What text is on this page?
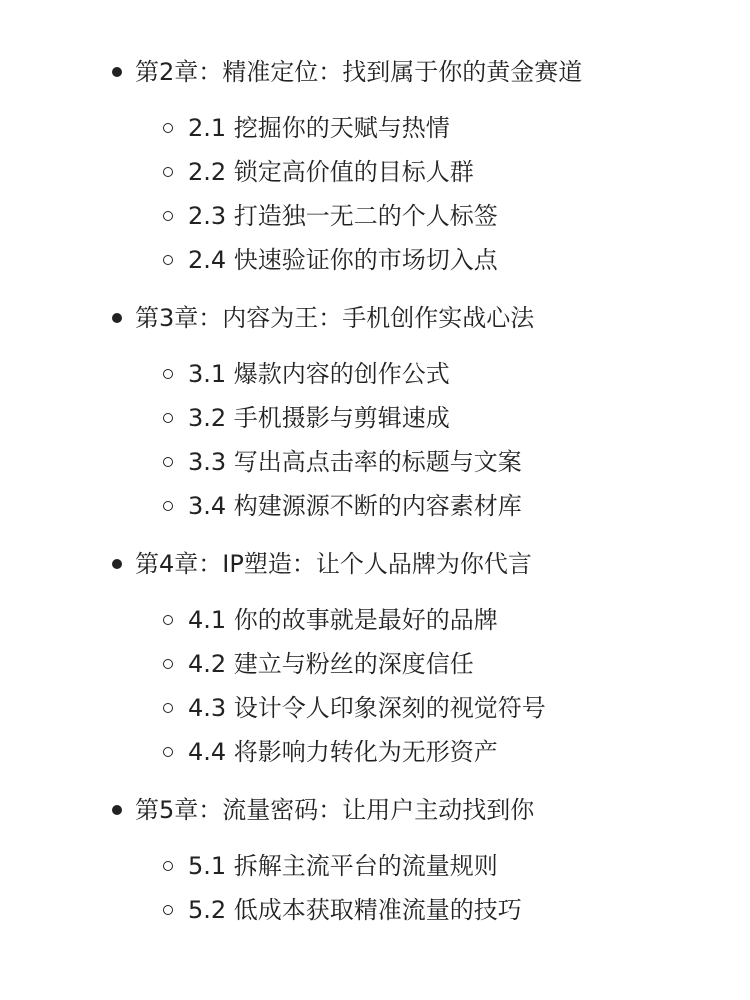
第2章：精准定位：找到属于你的黄金赛道
2.1 挖掘你的天赋与热情
2.2 锁定高价值的目标人群
2.3 打造独一无二的个人标签
2.4 快速验证你的市场切入点
第3章：内容为王：手机创作实战心法
3.1 爆款内容的创作公式
3.2 手机摄影与剪辑速成
3.3 写出高点击率的标题与文案
3.4 构建源源不断的内容素材库
第4章：IP塑造：让个人品牌为你代言
4.1 你的故事就是最好的品牌
4.2 建立与粉丝的深度信任
4.3 设计令人印象深刻的视觉符号
4.4 将影响力转化为无形资产
第5章：流量密码：让用户主动找到你
5.1 拆解主流平台的流量规则
5.2 低成本获取精准流量的技巧
